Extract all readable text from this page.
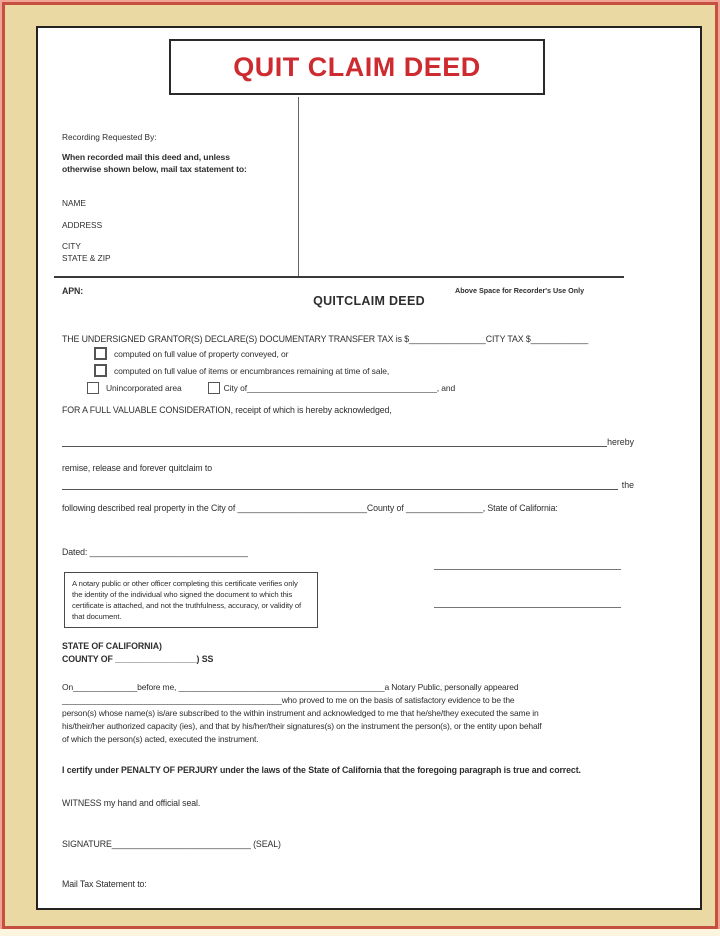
QUIT CLAIM DEED
Recording Requested By:
When recorded mail this deed and, unless
otherwise shown below, mail tax statement to:
NAME
ADDRESS
CITY
STATE & ZIP
APN:	Above Space for Recorder's Use Only
QUITCLAIM DEED
THE UNDERSIGNED GRANTOR(S) DECLARE(S) DOCUMENTARY TRANSFER TAX is $________________CITY TAX $____________
computed on full value of property conveyed, or
computed on full value of items or encumbrances remaining at time of sale,
Unincorporated area	City of_________________________________________, and
FOR A FULL VALUABLE CONSIDERATION, receipt of which is hereby acknowledged,
hereby
remise, release and forever quitclaim to
the
following described real property in the City of ___________________________County of ________________, State of California:
Dated: _________________________________
A notary public or other officer completing this certificate verifies only the identity of the individual who signed the document to which this certificate is attached, and not the truthfulness, accuracy, or validity of that document.
STATE OF CALIFORNIA)
COUNTY OF _________________) SS
On______________before me, _____________________________________________a Notary Public, personally appeared
________________________________________________who proved to me on the basis of satisfactory evidence to be the
person(s) whose name(s) is/are subscribed to the within instrument and acknowledged to me that he/she/they executed the same in
his/their/her authorized capacity (ies), and that by his/her/their signatures(s) on the instrument the person(s), or the entity upon behalf
of which the person(s) acted, executed the instrument.
I certify under PENALTY OF PERJURY under the laws of the State of California that the foregoing paragraph is true and correct.
WITNESS my hand and official seal.
SIGNATURE_____________________________ (SEAL)
Mail Tax Statement to:
